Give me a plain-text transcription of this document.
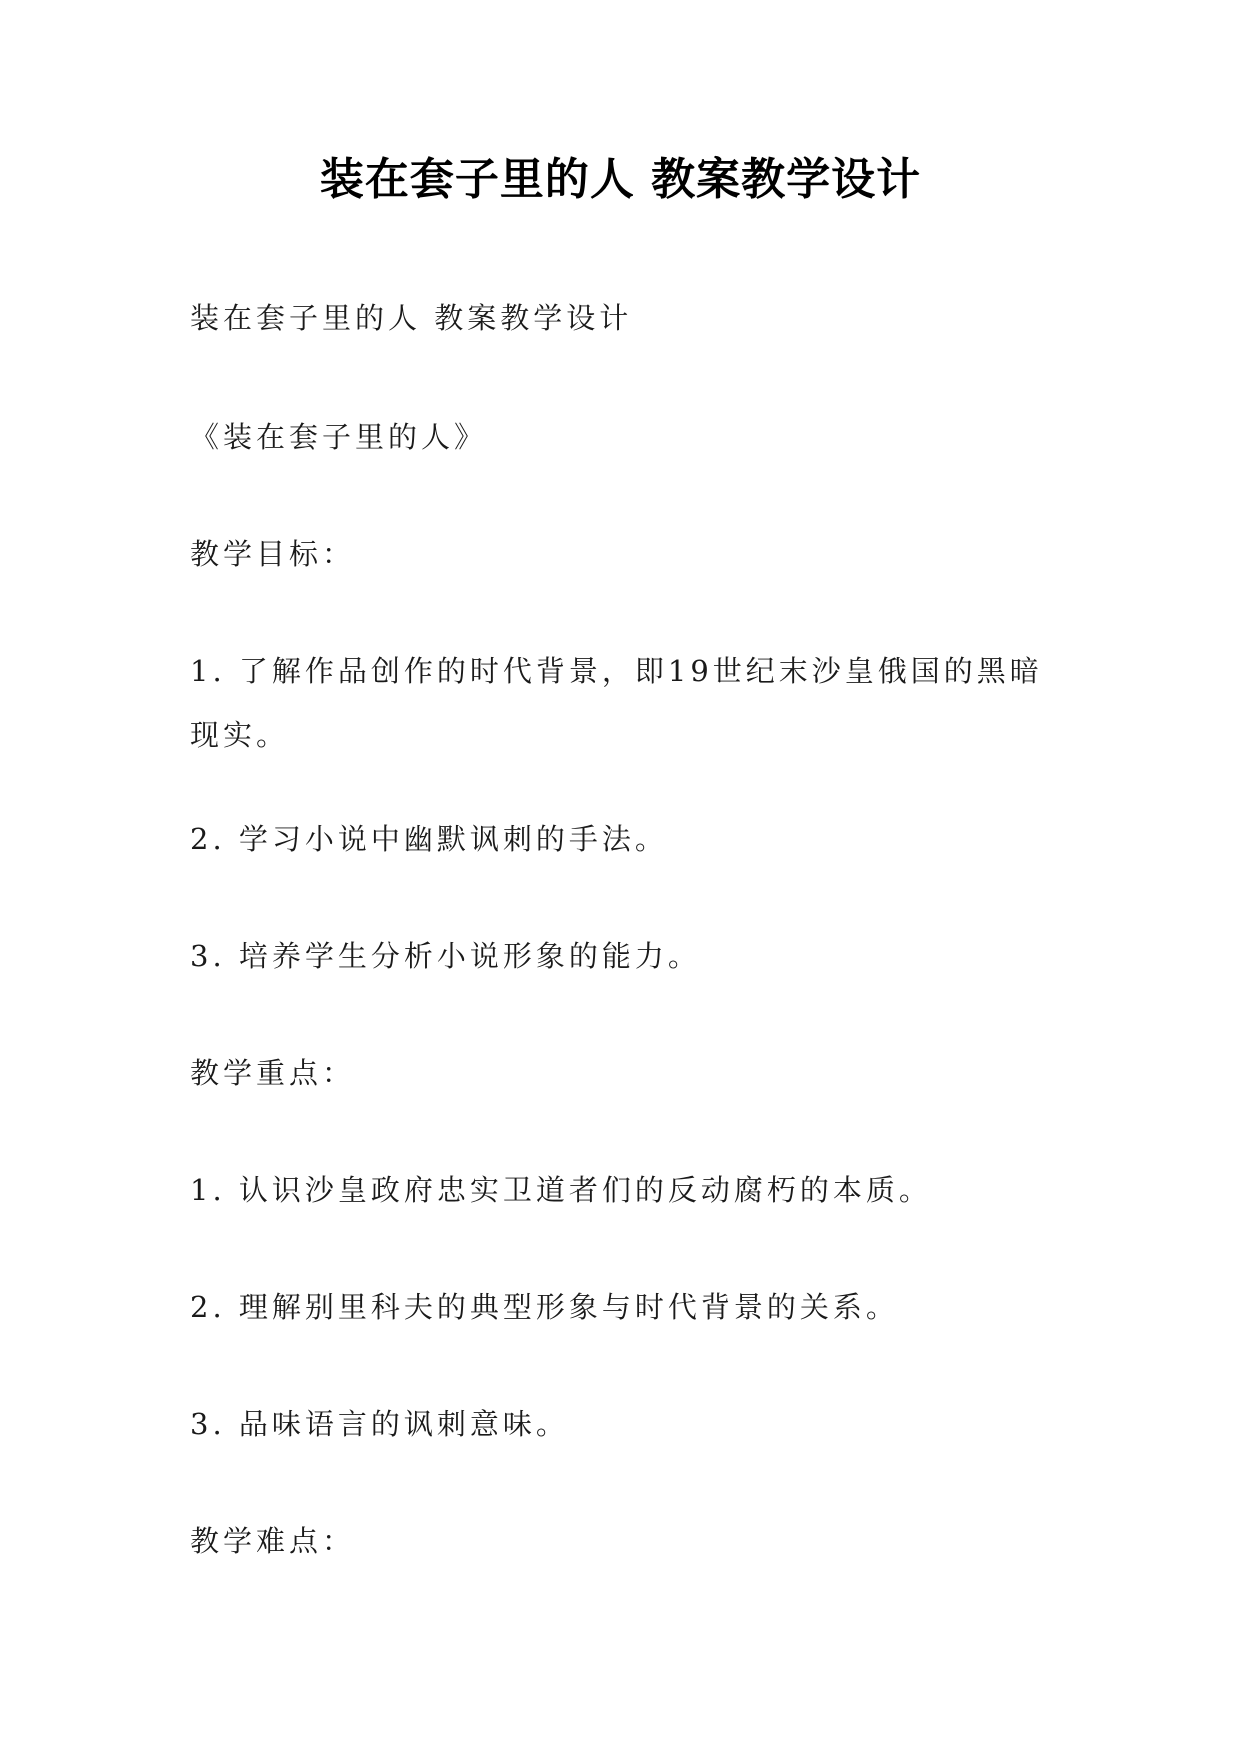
装在套子里的人 教案教学设计
装在套子里的人 教案教学设计
《装在套子里的人》
教学目标：
1. 了解作品创作的时代背景，即19世纪末沙皇俄国的黑暗现实。
2. 学习小说中幽默讽刺的手法。
3. 培养学生分析小说形象的能力。
教学重点：
1. 认识沙皇政府忠实卫道者们的反动腐朽的本质。
2. 理解别里科夫的典型形象与时代背景的关系。
3. 品味语言的讽刺意味。
教学难点：
